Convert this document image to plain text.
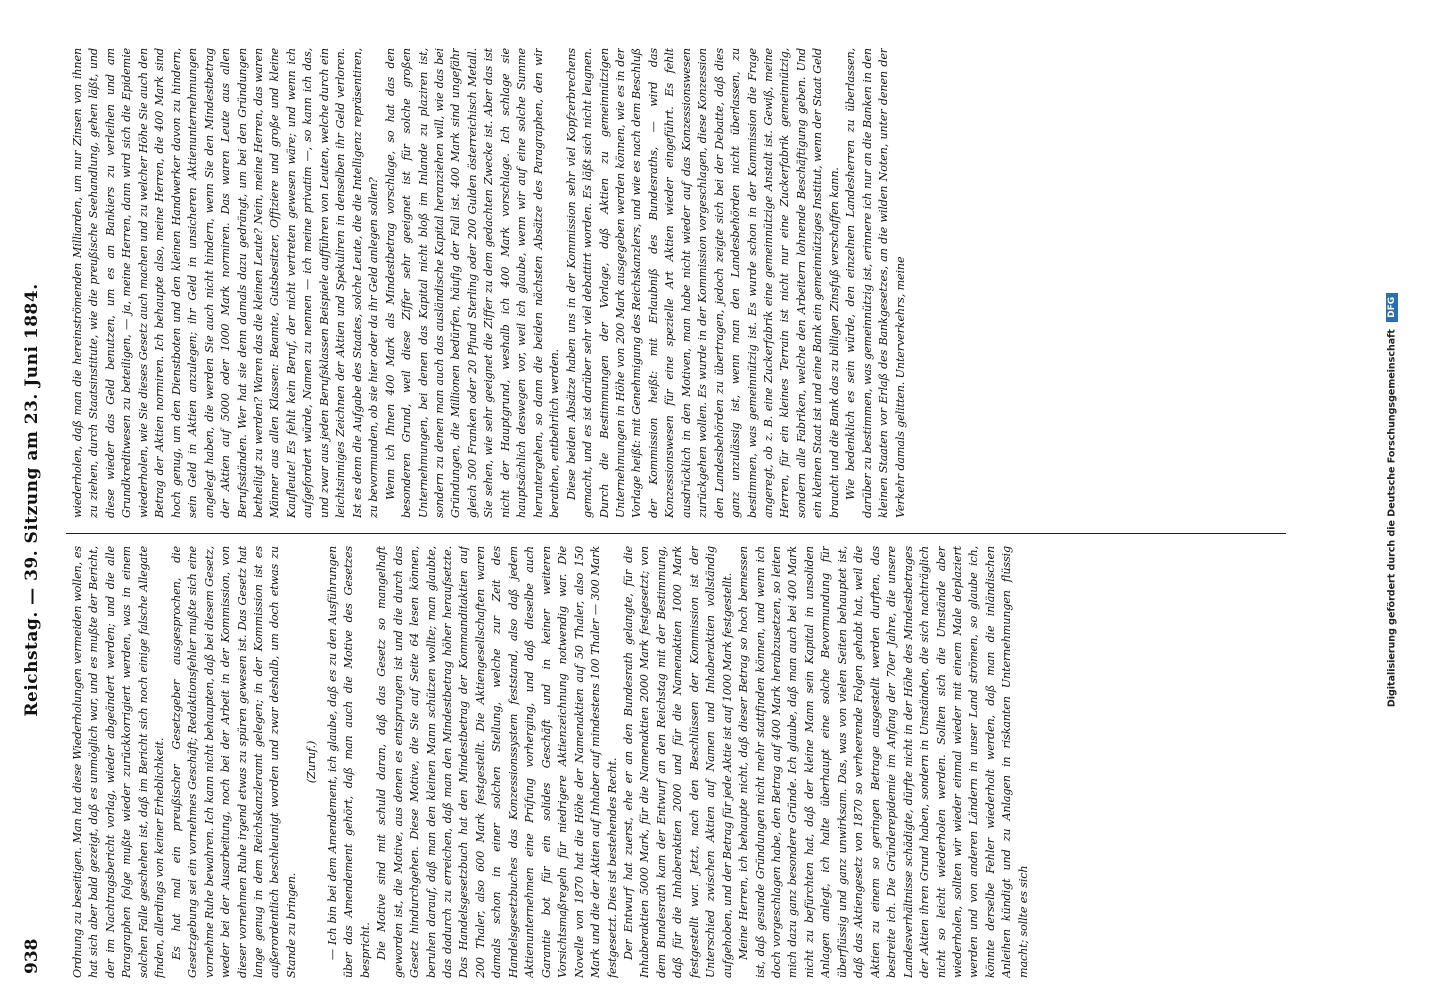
938
Reichstag. — 39. Sitzung am 23. Juni 1884.

Ordnung zu beseitigen. Man hat diese Wiederholungen vermeiden wollen, es hat sich aber bald gezeigt, daß es unmöglich war, und es mußte der Bericht, der im Nachtragsbericht vorlag, wieder abgeändert werden; und die alle Paragraphen folge mußte wieder zurückkorrigiert werden, was in einem solchen Falle geschehen ist, daß im Bericht sich noch einige falsche Allegate finden, allerdings von keiner Erheblichkeit. Es hat mal ein preußischer Gesetzgeber ausgesprochen, die Gesetzgebung sei ein vornehmes Geschäft; Redaktionsfehler mußte sich eine vornehme Ruhe bewahren. Ich kann nicht behaupten, daß bei diesem Gesetz, weder bei der Ausarbeitung, noch bei der Arbeit in der Kommission, von dieser vornehmen Ruhe irgend etwas zu spüren gewesen ist. Das Gesetz hat lange genug in dem Reichskanzleramt gelegen; in der Kommission ist es außerordentlich beschleunigt worden und zwar deshalb, um doch etwas zu Stande zu bringen.

(Zuruf.) — Ich bin bei dem Amendement, ich glaube, daß es zu den Ausführungen über das Amendement gehört, daß man auch die Motive des Gesetzes bespricht. Die Motive sind mit schuld daran, daß das Gesetz so mangelhaft geworden ist, die Motive, aus denen es entsprungen ist und die durch das Gesetz hindurchgehen. Diese Motive, die Sie auf Seite 64 lesen können, beruhen darauf, daß man den kleinen Mann schützen wollte; man glaubte, das dadurch zu erreichen, daß man den Mindestbetrag höher heraufsetzte. Das Handelsgesetzbuch hat den Mindestbetrag der Kommanditaktien auf 200 Thaler, also 600 Mark festgestellt. Die Aktiengesellschaften waren damals schon in einer solchen Stellung, welche zur Zeit des Handelsgesetzbuches das Konzessionssystem feststand, also daß jedem Aktienunternehmen eine Prüfung vorherging, und daß dieselbe auch Garantie bot für ein solides Geschäft und in keiner weiteren Vorsichtsmaßregeln für niedrigere Aktienzeichnung notwendig war. Die Novelle von 1870 hat die Höhe der Namenaktien auf 50 Thaler, also 150 Mark und die der Aktien auf Inhaber auf mindestens 100 Thaler — 300 Mark festgesetzt. Dies ist bestehendes Recht. Der Entwurf hat zuerst, ehe er an den Bundesrath gelangte, für die Inhaberaktien 5000 Mark, für die Namenaktien 2000 Mark festgesetzt; von dem Bundesrath kam der Entwurf an den Reichstag mit der Bestimmung, daß für die Inhaberaktien 2000 und für die Namenaktien 1000 Mark festgestellt war. Jetzt, nach den Beschlüssen der Kommission ist der Unterschied zwischen Aktien auf Namen und Inhaberaktien vollständig aufgehoben, und der Betrag für jede Aktie ist auf 1000 Mark festgestellt. Meine Herren, ich behaupte nicht, daß dieser Betrag so hoch bemessen ist, daß gesunde Gründungen nicht mehr stattfinden können, und wenn ich doch vorgeschlagen habe, den Betrag auf 400 Mark herabzusetzen, so leiten mich dazu ganz besondere Gründe. Ich glaube, daß man auch bei 400 Mark nicht zu befürchten hat, daß der kleine Mann sein Kapital in unsoliden Anlagen anlegt, ich halte überhaupt eine solche Bevormundung für überflüssig und ganz unwirksam. Das, was von vielen Seiten behauptet ist, daß das Aktiengesetz von 1870 so verheerende Folgen gehabt hat, weil die Aktien zu einem so geringen Betrage ausgestellt werden durften, das bestreite ich. Die Gründerepidemie im Anfang der 70er Jahre, die unsere Landesverhältnisse schädigte, dürfte nicht in der Höhe des Mindestbetrages der Aktien ihren Grund haben, sondern in Umständen, die sich nachträglich nicht so leicht wiederholen werden. Sollten sich die Umstände aber wiederholen, sollten wir wieder einmal wieder mit einem Male deplaziert werden und von anderen Ländern in unser Land strömen, so glaube ich, könnte derselbe Fehler wiederholt werden, daß man die inländischen Anleihen kündigt und zu Anlagen in riskanten Unternehmungen flüssig macht; sollte es sich

wiederholen, daß man die hereinströmenden Milliarden, um nur Zinsen von ihnen zu ziehen, durch Staatsinstitute, wie die preußische Seehandlung, gehen läßt, und diese wieder das Geld benutzen, um es an Bankiers zu verleihen und am Grundkreditwesen zu beteiligen, — ja, meine Herren, dann wird sich die Epidemie wiederholen, wie Sie dieses Gesetz auch machen und zu welcher Höhe Sie auch den Betrag der Aktien normiren. Ich behaupte also, meine Herren, die 400 Mark sind hoch genug, um den Dienstboten und den kleinen Handwerker davon zu hindern, sein Geld in Aktien anzulegen; ihr Geld in unsicheren Aktienunternehmungen angelegt haben, die werden Sie auch nicht hindern, wenn Sie den Mindestbetrag der Aktien auf 5000 oder 1000 Mark normiren. Das waren Leute aus allen Berufsständen. Wer hat sie denn damals dazu gedrängt, um bei den Gründungen betheiligt zu werden? Waren das die kleinen Leute? Nein, meine Herren, das waren Männer aus allen Klassen: Beamte, Gutsbesitzer, Offiziere und große und kleine Kaufleute! Es fehlt kein Beruf, der nicht vertreten gewesen wäre; und wenn ich aufgefordert würde, Namen zu nennen — ich meine privatim —, so kann ich das, und zwar aus jeden Berufsklassen Beispiele aufführen von Leuten, welche durch ein leichtsinniges Zeichnen der Aktien und Spekuliren in denselben ihr Geld verloren. Ist es denn die Aufgabe des Staates, solche Leute, die die Intelligenz repräsentiren, zu bevormunden, ob sie hier oder da ihr Geld anlegen sollen? Wenn ich Ihnen 400 Mark als Mindestbetrag vorschlage, so hat das den besonderen Grund, weil diese Ziffer sehr geeignet ist für solche großen Unternehmungen, bei denen das Kapital nicht bloß im Inlande zu plaziren ist, sondern zu denen man auch das ausländische Kapital heranziehen will, wie das bei Gründungen, die Millionen bedürfen, häufig der Fall ist. 400 Mark sind ungefähr gleich 500 Franken oder 20 Pfund Sterling oder 200 Gulden österreichisch Metall. Sie sehen, wie sehr geeignet die Ziffer zu dem gedachten Zwecke ist. Aber das ist nicht der Hauptgrund, weshalb ich 400 Mark vorschlage. Ich schlage sie hauptsächlich deswegen vor, weil ich glaube, wenn wir auf eine solche Summe heruntergehen, so dann die beiden nächsten Absätze des Paragraphen, den wir berathen, entbehrlich werden. Diese beiden Absätze haben uns in der Kommission sehr viel Kopfzerbrechens gemacht, und es ist darüber sehr viel debattirt worden. Es läßt sich nicht leugnen. Durch die Bestimmungen der Vorlage, daß Aktien zu gemeinnützigen Unternehmungen in Höhe von 200 Mark ausgegeben werden können, wie es in der Vorlage heißt: mit Genehmigung des Reichskanzlers, und wie es nach dem Beschluß der Kommission heißt: mit Erlaubniß des Bundesraths, — wird das Konzessionswesen für eine spezielle Art Aktien wieder eingeführt. Es fehlt ausdrücklich in den Motiven, man habe nicht wieder auf das Konzessionswesen zurückgehen wollen. Es wurde in der Kommission vorgeschlagen, diese Konzession den Landesbehörden zu übertragen, jedoch zeigte sich bei der Debatte, daß dies ganz unzulässig ist, wenn man den Landesbehörden nicht überlassen, zu bestimmen, was gemeinnützig ist. Es wurde schon in der Kommission die Frage angeregt, ob z. B. eine Zuckerfabrik eine gemeinnützige Anstalt ist. Gewiß, meine Herren, für ein kleines Terrain ist nicht nur eine Zuckerfabrik gemeinnützig, sondern alle Fabriken, welche den Arbeitern lohnende Beschäftigung geben. Und ein kleinen Staat ist und eine Bank ein gemeinnütziges Institut, wenn der Staat Geld braucht und die Bank das zu billigen Zinsfuß verschaffen kann. Wie bedenklich es sein würde, den einzelnen Landesherren zu überlassen, darüber zu bestimmen, was gemeinnützig ist, erinnere ich nur an die Banken in den kleinen Staaten vor Erlaß des Bankgesetzes, an die wilden Noten, unter denen der Verkehr damals gelitten. Unterverkehrs, meine	Digitalisierung gefördert durch die Deutsche Forschungsgemeinschaft DFG
